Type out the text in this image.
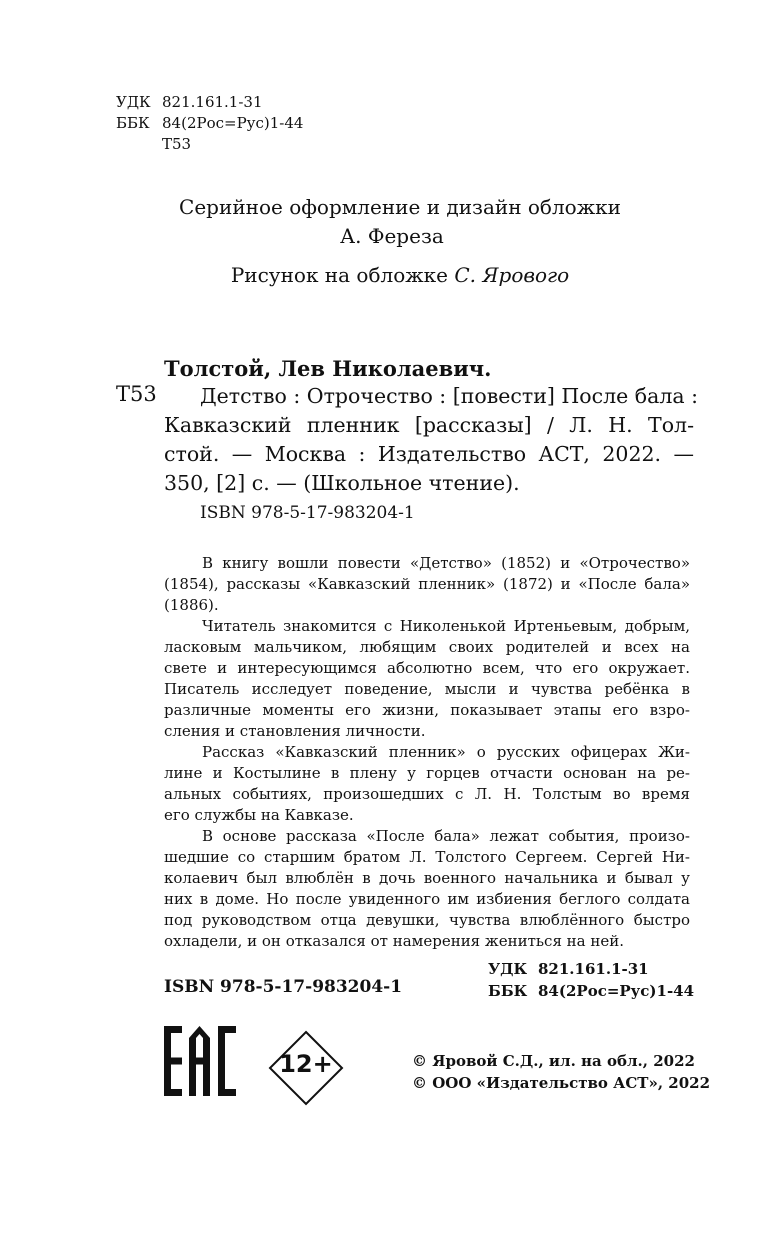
УДК 821.161.1-31
ББК 84(2Рос=Рус)1-44
Т53
Серийное оформление и дизайн обложки
А. Фереза
Рисунок на обложке С. Ярового
Толстой, Лев Николаевич.
Т53	Детство : Отрочество : [повести] После бала :
Кавказский пленник [рассказы] / Л. Н. Тол-
стой. — Москва : Издательство АСТ, 2022. —
350, [2] с. — (Школьное чтение).
ISBN 978-5-17-983204-1
В книгу вошли повести «Детство» (1852) и «Отрочество»
(1854), рассказы «Кавказский пленник» (1872) и «После бала»
(1886).
Читатель знакомится с Николенькой Иртеньевым, добрым,
ласковым мальчиком, любящим своих родителей и всех на
свете и интересующимся абсолютно всем, что его окружает.
Писатель исследует поведение, мысли и чувства ребёнка в
различные моменты его жизни, показывает этапы его взро-
сления и становления личности.
Рассказ «Кавказский пленник» о русских офицерах Жи-
лине и Костылине в плену у горцев отчасти основан на ре-
альных событиях, произошедших с Л. Н. Толстым во время
его службы на Кавказе.
В основе рассказа «После бала» лежат события, произо-
шедшие со старшим братом Л. Толстого Сергеем. Сергей Ни-
колаевич был влюблён в дочь военного начальника и бывал у
них в доме. Но после увиденного им избиения беглого солдата
под руководством отца девушки, чувства влюблённого быстро
охладели, и он отказался от намерения жениться на ней.
ISBN 978-5-17-983204-1
УДК 821.161.1-31
ББК 84(2Рос=Рус)1-44
12+	© Яровой С.Д., ил. на обл., 2022
© ООО «Издательство АСТ», 2022
